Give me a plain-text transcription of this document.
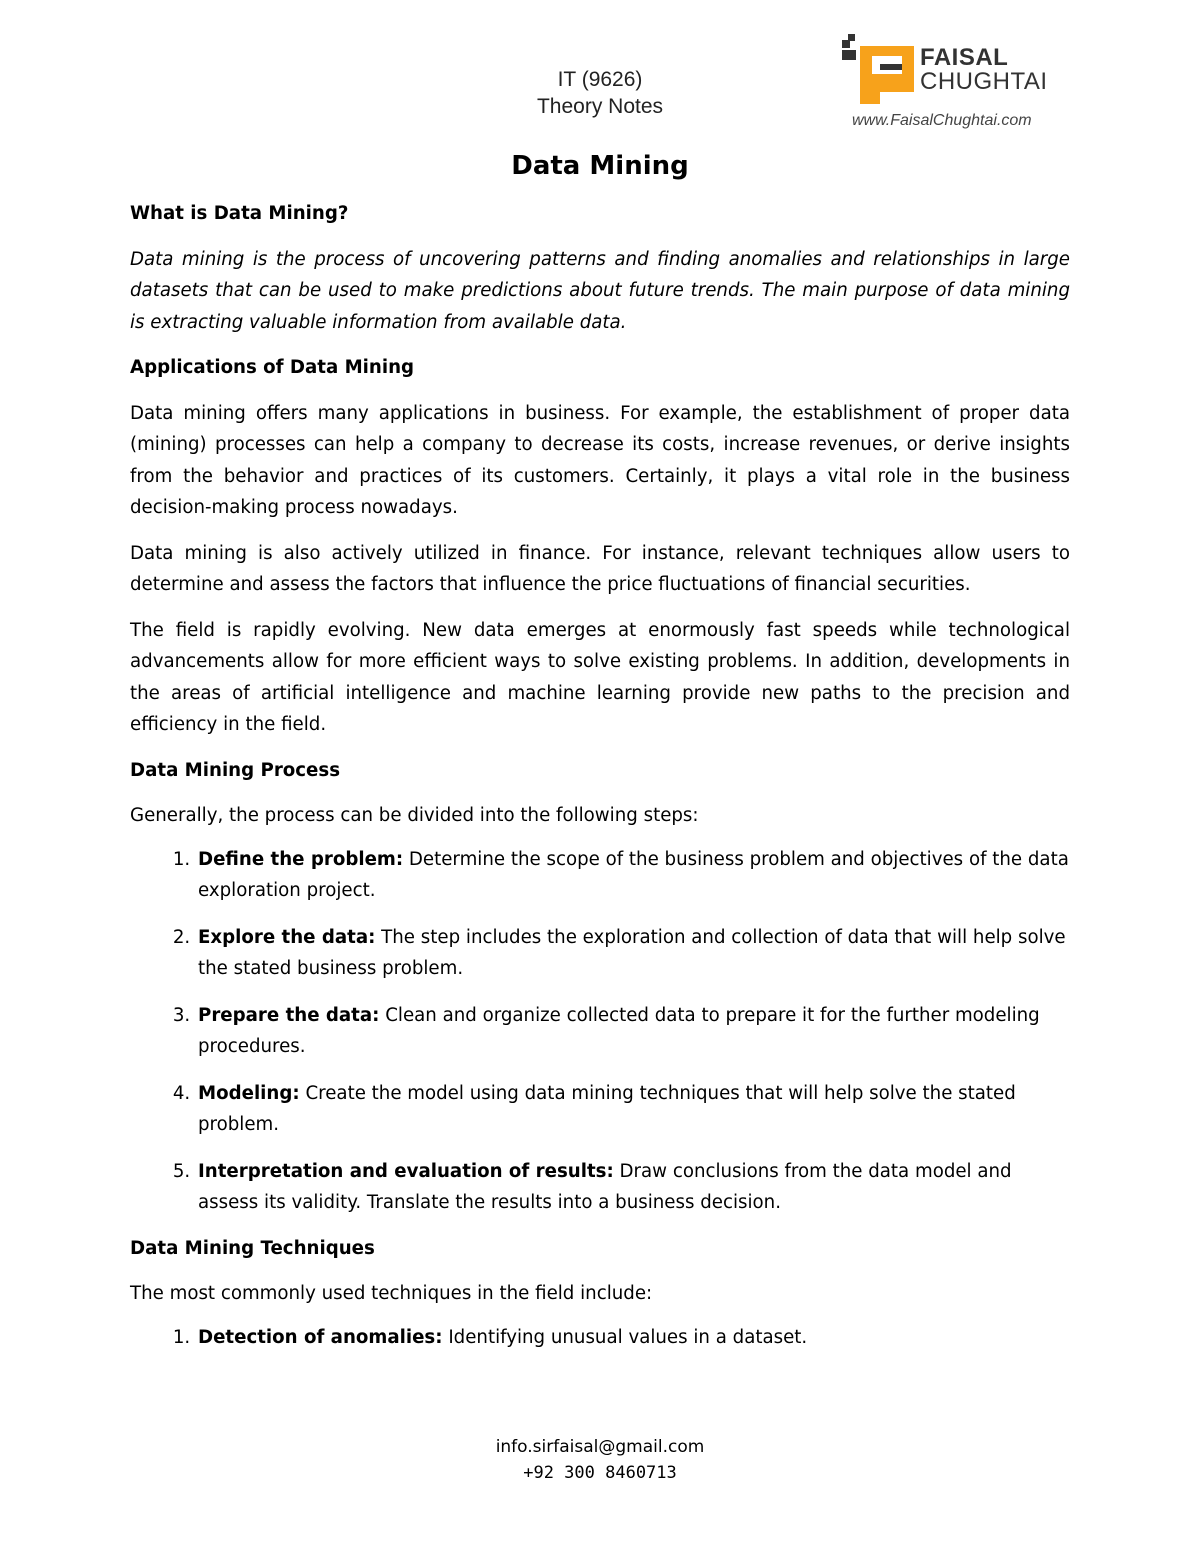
IT (9626)
Theory Notes
FAISAL
CHUGHTAI
www.FaisalChughtai.com
Data Mining
What is Data Mining?

Data mining is the process of uncovering patterns and finding anomalies and relationships in large datasets that can be used to make predictions about future trends. The main purpose of data mining is extracting valuable information from available data.

Applications of Data Mining

Data mining offers many applications in business. For example, the establishment of proper data (mining) processes can help a company to decrease its costs, increase revenues, or derive insights from the behavior and practices of its customers. Certainly, it plays a vital role in the business decision-making process nowadays.

Data mining is also actively utilized in finance. For instance, relevant techniques allow users to determine and assess the factors that influence the price fluctuations of financial securities.

The field is rapidly evolving. New data emerges at enormously fast speeds while technological advancements allow for more efficient ways to solve existing problems. In addition, developments in the areas of artificial intelligence and machine learning provide new paths to the precision and efficiency in the field.

Data Mining Process

Generally, the process can be divided into the following steps:

1. Define the problem: Determine the scope of the business problem and objectives of the data exploration project.
2. Explore the data: The step includes the exploration and collection of data that will help solve the stated business problem.
3. Prepare the data: Clean and organize collected data to prepare it for the further modeling procedures.
4. Modeling: Create the model using data mining techniques that will help solve the stated problem.
5. Interpretation and evaluation of results: Draw conclusions from the data model and assess its validity. Translate the results into a business decision.
Data Mining Techniques

The most commonly used techniques in the field include:

1. Detection of anomalies: Identifying unusual values in a dataset.
info.sirfaisal@gmail.com
+92 300 8460713
